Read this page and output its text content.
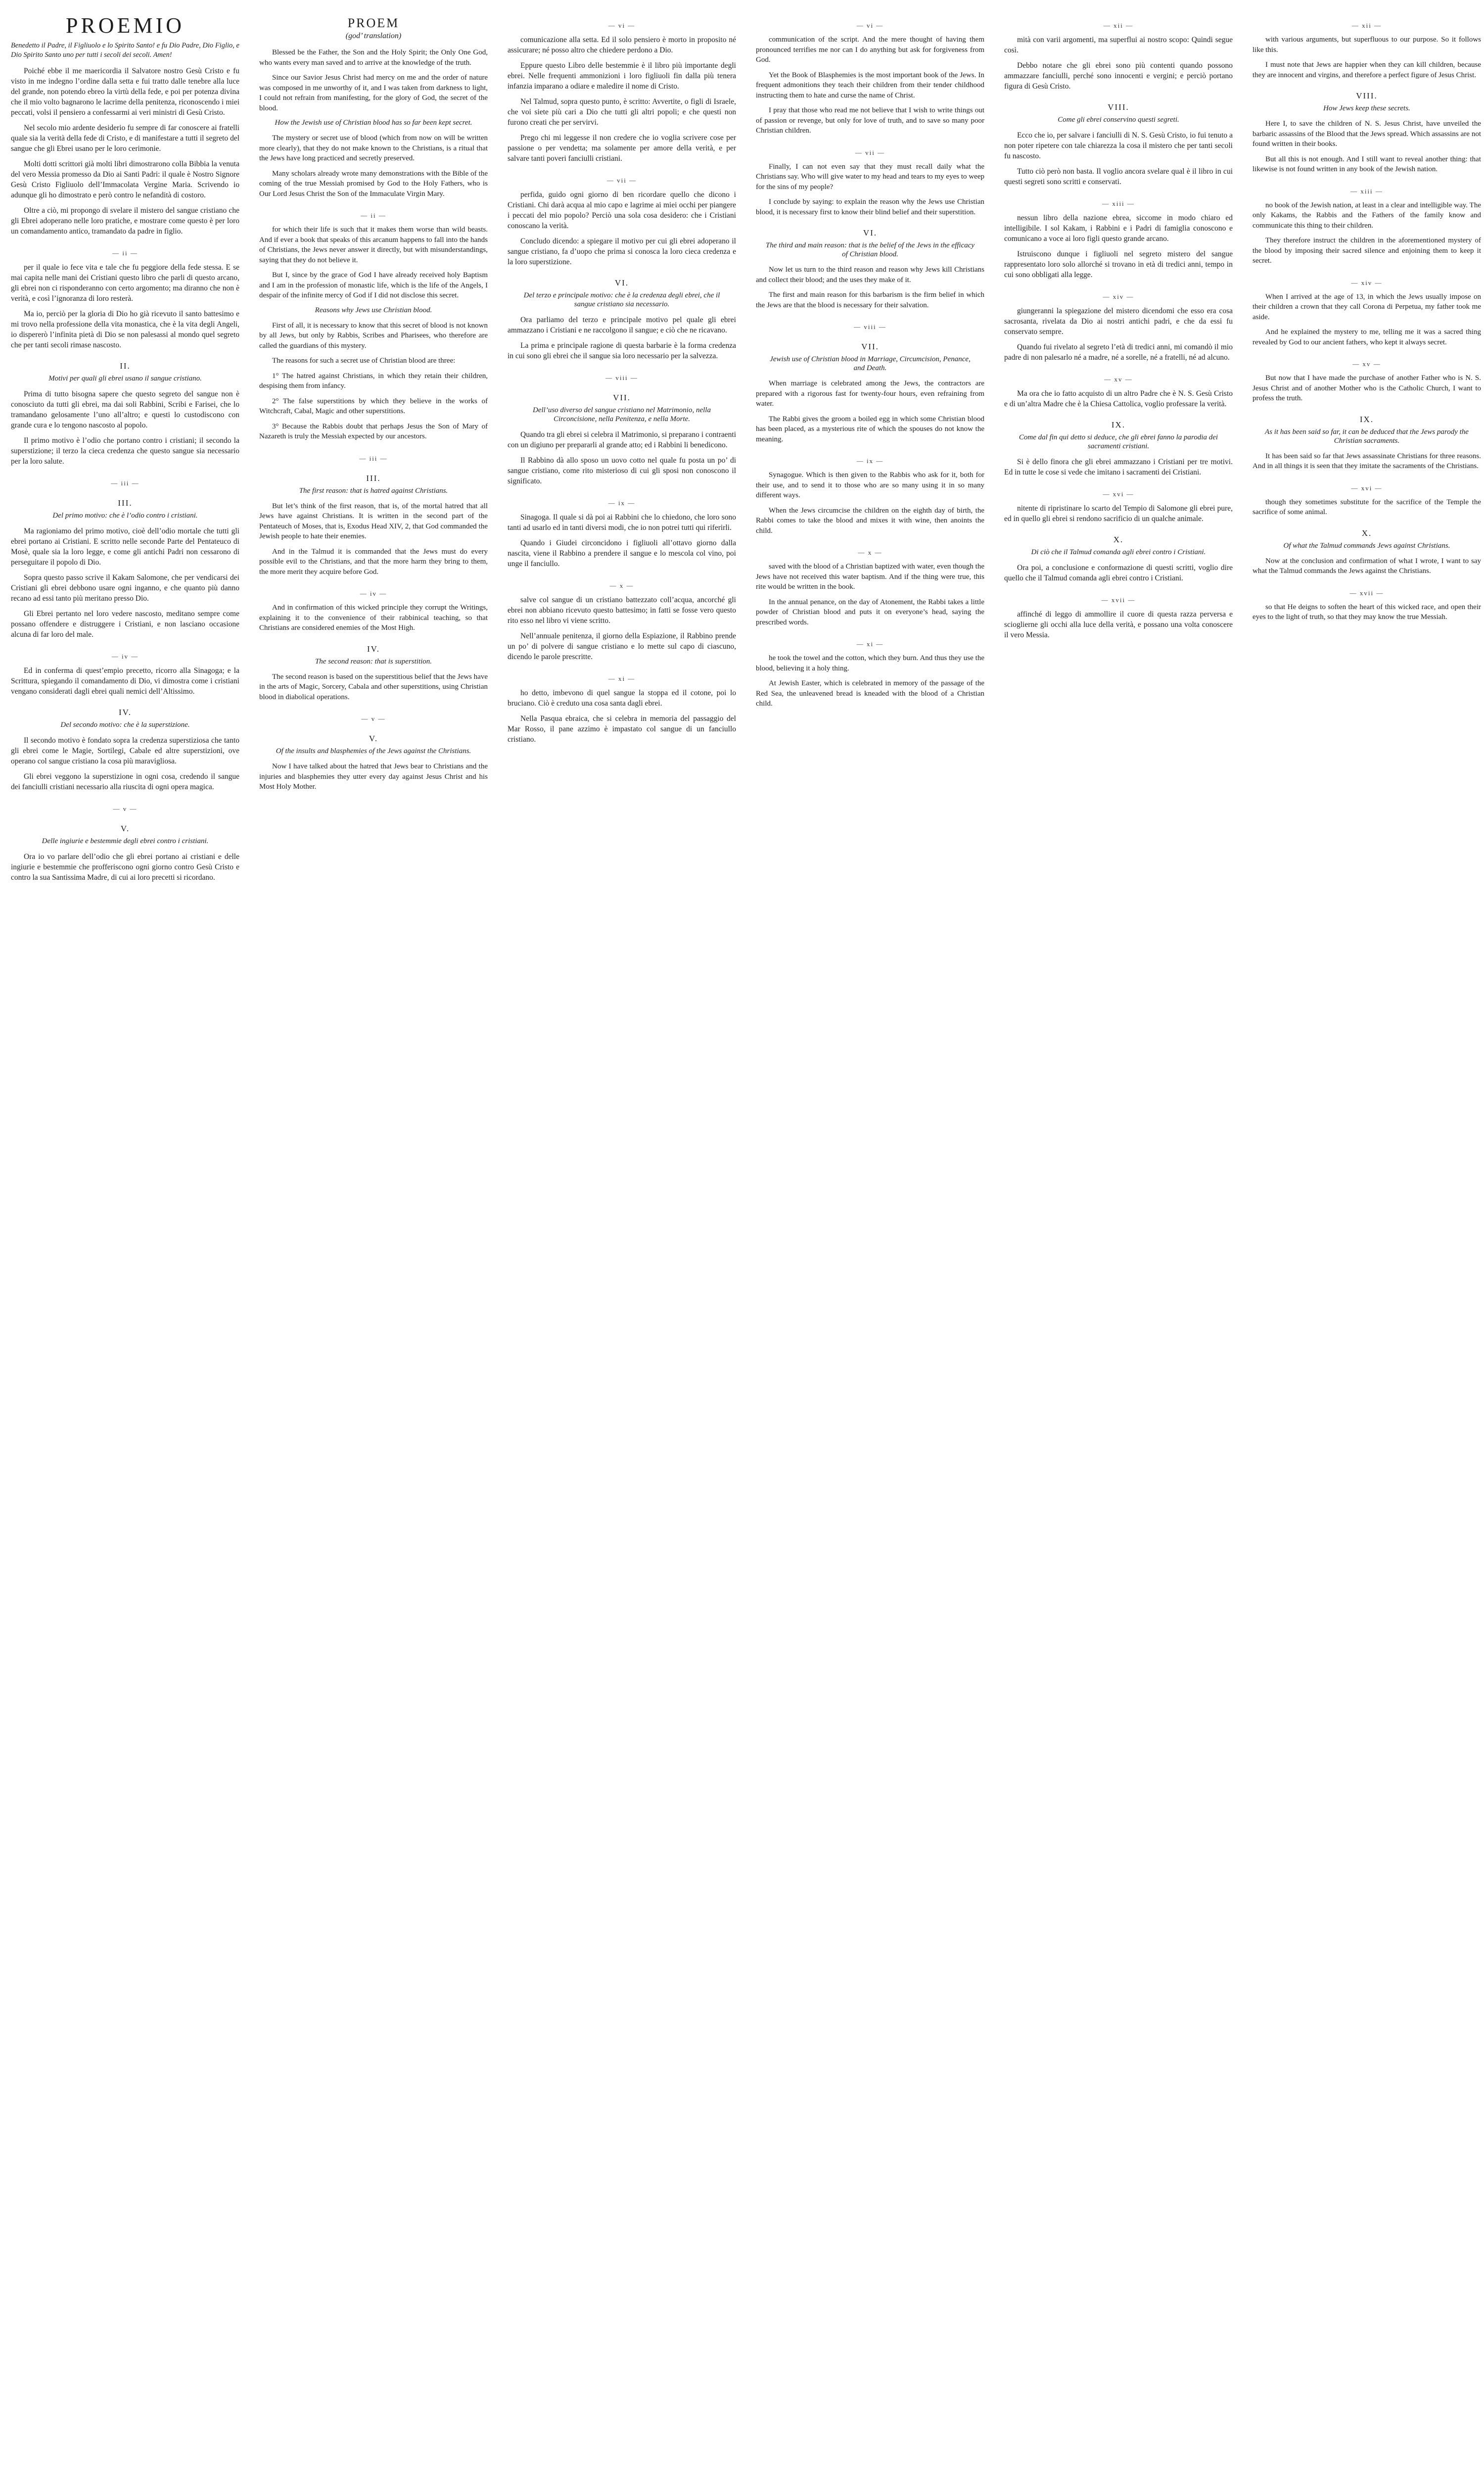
PROEMIO
Benedetto il Padre, il Figliuolo e lo Spirito Santo! e fu Dio Padre, Dio Figlio, e Dio Spirito Santo uno per tutti i secoli dei secoli. Amen!
Poiché ebbe il me maericordia il Salvatore nostro Gesù Cristo e fu visto in me indegno l’ordine dalla setta e fui tratto dalle tenebre alla luce del grande, non potendo ebreo la virtù della fede, e poi per potenza divina che il mio volto bagnarono le lacrime della penitenza, riconoscendo i miei peccati, volsi il pensiero a confessarmi ai veri ministri di Gesù Cristo.
Nel secolo mio ardente desiderio fu sempre di far conoscere ai fratelli quale sia la verità della fede di Cristo, e di manifestare a tutti il segreto del sangue che gli Ebrei usano per le loro cerimonie.
Molti dotti scrittori già molti libri dimostrarono colla Bibbia la venuta del vero Messia promesso da Dio ai Santi Padri: il quale è Nostro Signore Gesù Cristo Figliuolo dell’Immacolata Vergine Maria. Scrivendo io adunque gli ho dimostrato e però contro le nefandità di costoro.
Oltre a ciò, mi propongo di svelare il mistero del sangue cristiano che gli Ebrei adoperano nelle loro pratiche, e mostrare come questo è per loro un comandamento antico, tramandato da padre in figlio.
— ii —
per il quale io fece vita e tale che fu peggiore della fede stessa. E se mai capita nelle mani dei Cristiani questo libro che parli di questo arcano, gli ebrei non ci risponderanno con certo argomento; ma diranno che non è verità, e così l’ignoranza di loro resterà.
Ma io, perciò per la gloria di Dio ho già ricevuto il santo battesimo e mi trovo nella professione della vita monastica, che è la vita degli Angeli, io dispererò l’infinita pietà di Dio se non palesassi al mondo quel segreto che per tanti secoli rimase nascosto.
II.
Motivi per quali gli ebrei usano il sangue cristiano.
Prima di tutto bisogna sapere che questo segreto del sangue non è conosciuto da tutti gli ebrei, ma dai soli Rabbini, Scribi e Farisei, che lo tramandano gelosamente l’uno all’altro; e questi lo custodiscono con grande cura e lo tengono nascosto al popolo.
Il primo motivo è l’odio che portano contro i cristiani; il secondo la superstizione; il terzo la cieca credenza che questo sangue sia necessario per la loro salute.
— iii —
III.
Del primo motivo: che è l’odio contro i cristiani.
Ma ragioniamo del primo motivo, cioè dell’odio mortale che tutti gli ebrei portano ai Cristiani. E scritto nelle seconde Parte del Pentateuco di Mosè, quale sia la loro legge, e come gli antichi Padri non cessarono di perseguitare il popolo di Dio.
Sopra questo passo scrive il Kakam Salomone, che per vendicarsi dei Cristiani gli ebrei debbono usare ogni inganno, e che quanto più danno recano ad essi tanto più meritano presso Dio.
Gli Ebrei pertanto nel loro vedere nascosto, meditano sempre come possano offendere e distruggere i Cristiani, e non lasciano occasione alcuna di far loro del male.
— iv —
Ed in conferma di quest’empio precetto, ricorro alla Sinagoga; e la Scrittura, spiegando il comandamento di Dio, vi dimostra come i cristiani vengano considerati dagli ebrei quali nemici dell’Altissimo.
IV.
Del secondo motivo: che è la superstizione.
Il secondo motivo è fondato sopra la credenza superstiziosa che tanto gli ebrei come le Magie, Sortilegi, Cabale ed altre superstizioni, ove operano col sangue cristiano la cosa più maravigliosa.
Gli ebrei veggono la superstizione in ogni cosa, credendo il sangue dei fanciulli cristiani necessario alla riuscita di ogni opera magica.
— v —
V.
Delle ingiurie e bestemmie degli ebrei contro i cristiani.
Ora io vo parlare dell’odio che gli ebrei portano ai cristiani e delle ingiurie e bestemmie che profferiscono ogni giorno contro Gesù Cristo e contro la sua Santissima Madre, di cui ai loro precetti si ricordano.
PROEM
(god’ translation)
Blessed be the Father, the Son and the Holy Spirit; the Only One God, who wants every man saved and to arrive at the knowledge of the truth.
Since our Savior Jesus Christ had mercy on me and the order of nature was composed in me unworthy of it, and I was taken from darkness to light, I could not refrain from manifesting, for the glory of God, the secret of the blood.
How the Jewish use of Christian blood has so far been kept secret.
The mystery or secret use of blood (which from now on will be written more clearly), that they do not make known to the Christians, is a ritual that the Jews have long practiced and secretly preserved.
Many scholars already wrote many demonstrations with the Bible of the coming of the true Messiah promised by God to the Holy Fathers, who is Our Lord Jesus Christ the Son of the Immaculate Virgin Mary.
— ii —
for which their life is such that it makes them worse than wild beasts. And if ever a book that speaks of this arcanum happens to fall into the hands of Christians, the Jews never answer it directly, but with misunderstandings, saying that they do not believe it.
But I, since by the grace of God I have already received holy Baptism and I am in the profession of monastic life, which is the life of the Angels, I despair of the infinite mercy of God if I did not disclose this secret.
Reasons why Jews use Christian blood.
First of all, it is necessary to know that this secret of blood is not known by all Jews, but only by Rabbis, Scribes and Pharisees, who therefore are called the guardians of this mystery.
The reasons for such a secret use of Christian blood are three:
1° The hatred against Christians, in which they retain their children, despising them from infancy.
2° The false superstitions by which they believe in the works of Witchcraft, Cabal, Magic and other superstitions.
3° Because the Rabbis doubt that perhaps Jesus the Son of Mary of Nazareth is truly the Messiah expected by our ancestors.
— iii —
III.
The first reason: that is hatred against Christians.
But let’s think of the first reason, that is, of the mortal hatred that all Jews have against Christians. It is written in the second part of the Pentateuch of Moses, that is, Exodus Head XIV, 2, that God commanded the Jewish people to hate their enemies.
And in the Talmud it is commanded that the Jews must do every possible evil to the Christians, and that the more harm they bring to them, the more merit they acquire before God.
— iv —
And in confirmation of this wicked principle they corrupt the Writings, explaining it to the convenience of their rabbinical teaching, so that Christians are considered enemies of the Most High.
IV.
The second reason: that is superstition.
The second reason is based on the superstitious belief that the Jews have in the arts of Magic, Sorcery, Cabala and other superstitions, using Christian blood in diabolical operations.
— v —
V.
Of the insults and blasphemies of the Jews against the Christians.
Now I have talked about the hatred that Jews bear to Christians and the injuries and blasphemies they utter every day against Jesus Christ and his Most Holy Mother.
— vi —
comunicazione alla setta. Ed il solo pensiero è morto in proposito né assicurare; né posso altro che chiedere perdono a Dio.
Eppure questo Libro delle bestemmie è il libro più importante degli ebrei. Nelle frequenti ammonizioni i loro figliuoli fin dalla più tenera infanzia imparano a odiare e maledire il nome di Cristo.
Nel Talmud, sopra questo punto, è scritto: Avvertite, o figli di Israele, che voi siete più cari a Dio che tutti gli altri popoli; e che questi non furono creati che per servirvi.
Prego chi mi leggesse il non credere che io voglia scrivere cose per passione o per vendetta; ma solamente per amore della verità, e per salvare tanti poveri fanciulli cristiani.
— vii —
perfida, guido ogni giorno di ben ricordare quello che dicono i Cristiani. Chi darà acqua al mio capo e lagrime ai miei occhi per piangere i peccati del mio popolo? Perciò una sola cosa desidero: che i Cristiani conoscano la verità.
Concludo dicendo: a spiegare il motivo per cui gli ebrei adoperano il sangue cristiano, fa d’uopo che prima si conosca la loro cieca credenza e la loro superstizione.
VI.
Del terzo e principale motivo: che è la credenza degli ebrei, che il sangue cristiano sia necessario.
Ora parliamo del terzo e principale motivo pel quale gli ebrei ammazzano i Cristiani e ne raccolgono il sangue; e ciò che ne ricavano.
La prima e principale ragione di questa barbarie è la forma credenza in cui sono gli ebrei che il sangue sia loro necessario per la salvezza.
— viii —
VII.
Dell’uso diverso del sangue cristiano nel Matrimonio, nella Circoncisione, nella Penitenza, e nella Morte.
Quando tra gli ebrei si celebra il Matrimonio, si preparano i contraenti con un digiuno per prepararli al grande atto; ed i Rabbini li benedicono.
Il Rabbino dà allo sposo un uovo cotto nel quale fu posta un po’ di sangue cristiano, come rito misterioso di cui gli sposi non conoscono il significato.
— ix —
Sinagoga. Il quale si dà poi ai Rabbini che lo chiedono, che loro sono tanti ad usarlo ed in tanti diversi modi, che io non potrei tutti qui riferirli.
Quando i Giudei circoncidono i figliuoli all’ottavo giorno dalla nascita, viene il Rabbino a prendere il sangue e lo mescola col vino, poi unge il fanciullo.
— x —
salve col sangue di un cristiano battezzato coll’acqua, ancorché gli ebrei non abbiano ricevuto questo battesimo; in fatti se fosse vero questo rito esso nel libro vi viene scritto.
Nell’annuale penitenza, il giorno della Espiazione, il Rabbino prende un po’ di polvere di sangue cristiano e lo mette sul capo di ciascuno, dicendo le parole prescritte.
— xi —
ho detto, imbevono di quel sangue la stoppa ed il cotone, poi lo bruciano. Ciò è creduto una cosa santa dagli ebrei.
Nella Pasqua ebraica, che si celebra in memoria del passaggio del Mar Rosso, il pane azzimo è impastato col sangue di un fanciullo cristiano.
— vi —
communication of the script. And the mere thought of having them pronounced terrifies me nor can I do anything but ask for forgiveness from God.
Yet the Book of Blasphemies is the most important book of the Jews. In frequent admonitions they teach their children from their tender childhood instructing them to hate and curse the name of Christ.
I pray that those who read me not believe that I wish to write things out of passion or revenge, but only for love of truth, and to save so many poor Christian children.
— vii —
Finally, I can not even say that they must recall daily what the Christians say. Who will give water to my head and tears to my eyes to weep for the sins of my people?
I conclude by saying: to explain the reason why the Jews use Christian blood, it is necessary first to know their blind belief and their superstition.
VI.
The third and main reason: that is the belief of the Jews in the efficacy of Christian blood.
Now let us turn to the third reason and reason why Jews kill Christians and collect their blood; and the uses they make of it.
The first and main reason for this barbarism is the firm belief in which the Jews are that the blood is necessary for their salvation.
— viii —
VII.
Jewish use of Christian blood in Marriage, Circumcision, Penance, and Death.
When marriage is celebrated among the Jews, the contractors are prepared with a rigorous fast for twenty-four hours, even refraining from water.
The Rabbi gives the groom a boiled egg in which some Christian blood has been placed, as a mysterious rite of which the spouses do not know the meaning.
— ix —
Synagogue. Which is then given to the Rabbis who ask for it, both for their use, and to send it to those who are so many using it in so many different ways.
When the Jews circumcise the children on the eighth day of birth, the Rabbi comes to take the blood and mixes it with wine, then anoints the child.
— x —
saved with the blood of a Christian baptized with water, even though the Jews have not received this water baptism. And if the thing were true, this rite would be written in the book.
In the annual penance, on the day of Atonement, the Rabbi takes a little powder of Christian blood and puts it on everyone’s head, saying the prescribed words.
— xi —
he took the towel and the cotton, which they burn. And thus they use the blood, believing it a holy thing.
At Jewish Easter, which is celebrated in memory of the passage of the Red Sea, the unleavened bread is kneaded with the blood of a Christian child.
— xii —
mità con varii argomenti, ma superflui ai nostro scopo: Quindi segue così.
Debbo notare che gli ebrei sono più contenti quando possono ammazzare fanciulli, perché sono innocenti e vergini; e perciò portano figura di Gesù Cristo.
VIII.
Come gli ebrei conservino questi segreti.
Ecco che io, per salvare i fanciulli di N. S. Gesù Cristo, io fui tenuto a non poter ripetere con tale chiarezza la cosa il mistero che per tanti secoli fu nascosto.
Tutto ciò però non basta. Il voglio ancora svelare qual è il libro in cui questi segreti sono scritti e conservati.
— xiii —
nessun libro della nazione ebrea, siccome in modo chiaro ed intelligibile. I sol Kakam, i Rabbini e i Padri di famiglia conoscono e comunicano a voce ai loro figli questo grande arcano.
Istruiscono dunque i figliuoli nel segreto mistero del sangue rappresentato loro solo allorché si trovano in età di tredici anni, tempo in cui sono obbligati alla legge.
— xiv —
giungeranni la spiegazione del mistero dicendomi che esso era cosa sacrosanta, rivelata da Dio ai nostri antichi padri, e che da essi fu conservato sempre.
Quando fui rivelato al segreto l’età di tredici anni, mi comandò il mio padre di non palesarlo né a madre, né a sorelle, né a fratelli, né ad alcuno.
— xv —
Ma ora che io fatto acquisto di un altro Padre che è N. S. Gesù Cristo e di un’altra Madre che è la Chiesa Cattolica, voglio professare la verità.
IX.
Come dal fin qui detto si deduce, che gli ebrei fanno la parodia dei sacramenti cristiani.
Si è dello finora che gli ebrei ammazzano i Cristiani per tre motivi. Ed in tutte le cose si vede che imitano i sacramenti dei Cristiani.
— xvi —
nitente di ripristinare lo scarto del Tempio di Salomone gli ebrei pure, ed in quello gli ebrei si rendono sacrificio di un qualche animale.
X.
Di ciò che il Talmud comanda agli ebrei contro i Cristiani.
Ora poi, a conclusione e conformazione di questi scritti, voglio dire quello che il Talmud comanda agli ebrei contro i Cristiani.
— xvii —
affinché di leggo di ammollire il cuore di questa razza perversa e scioglierne gli occhi alla luce della verità, e possano una volta conoscere il vero Messia.
— xii —
with various arguments, but superfluous to our purpose. So it follows like this.
I must note that Jews are happier when they can kill children, because they are innocent and virgins, and therefore a perfect figure of Jesus Christ.
VIII.
How Jews keep these secrets.
Here I, to save the children of N. S. Jesus Christ, have unveiled the barbaric assassins of the Blood that the Jews spread. Which assassins are not found written in their books.
But all this is not enough. And I still want to reveal another thing: that likewise is not found written in any book of the Jewish nation.
— xiii —
no book of the Jewish nation, at least in a clear and intelligible way. The only Kakams, the Rabbis and the Fathers of the family know and communicate this thing to their children.
They therefore instruct the children in the aforementioned mystery of the blood by imposing their sacred silence and enjoining them to keep it secret.
— xiv —
When I arrived at the age of 13, in which the Jews usually impose on their children a crown that they call Corona di Perpetua, my father took me aside.
And he explained the mystery to me, telling me it was a sacred thing revealed by God to our ancient fathers, who kept it always secret.
— xv —
But now that I have made the purchase of another Father who is N. S. Jesus Christ and of another Mother who is the Catholic Church, I want to profess the truth.
IX.
As it has been said so far, it can be deduced that the Jews parody the Christian sacraments.
It has been said so far that Jews assassinate Christians for three reasons. And in all things it is seen that they imitate the sacraments of the Christians.
— xvi —
though they sometimes substitute for the sacrifice of the Temple the sacrifice of some animal.
X.
Of what the Talmud commands Jews against Christians.
Now at the conclusion and confirmation of what I wrote, I want to say what the Talmud commands the Jews against the Christians.
— xvii —
so that He deigns to soften the heart of this wicked race, and open their eyes to the light of truth, so that they may know the true Messiah.
